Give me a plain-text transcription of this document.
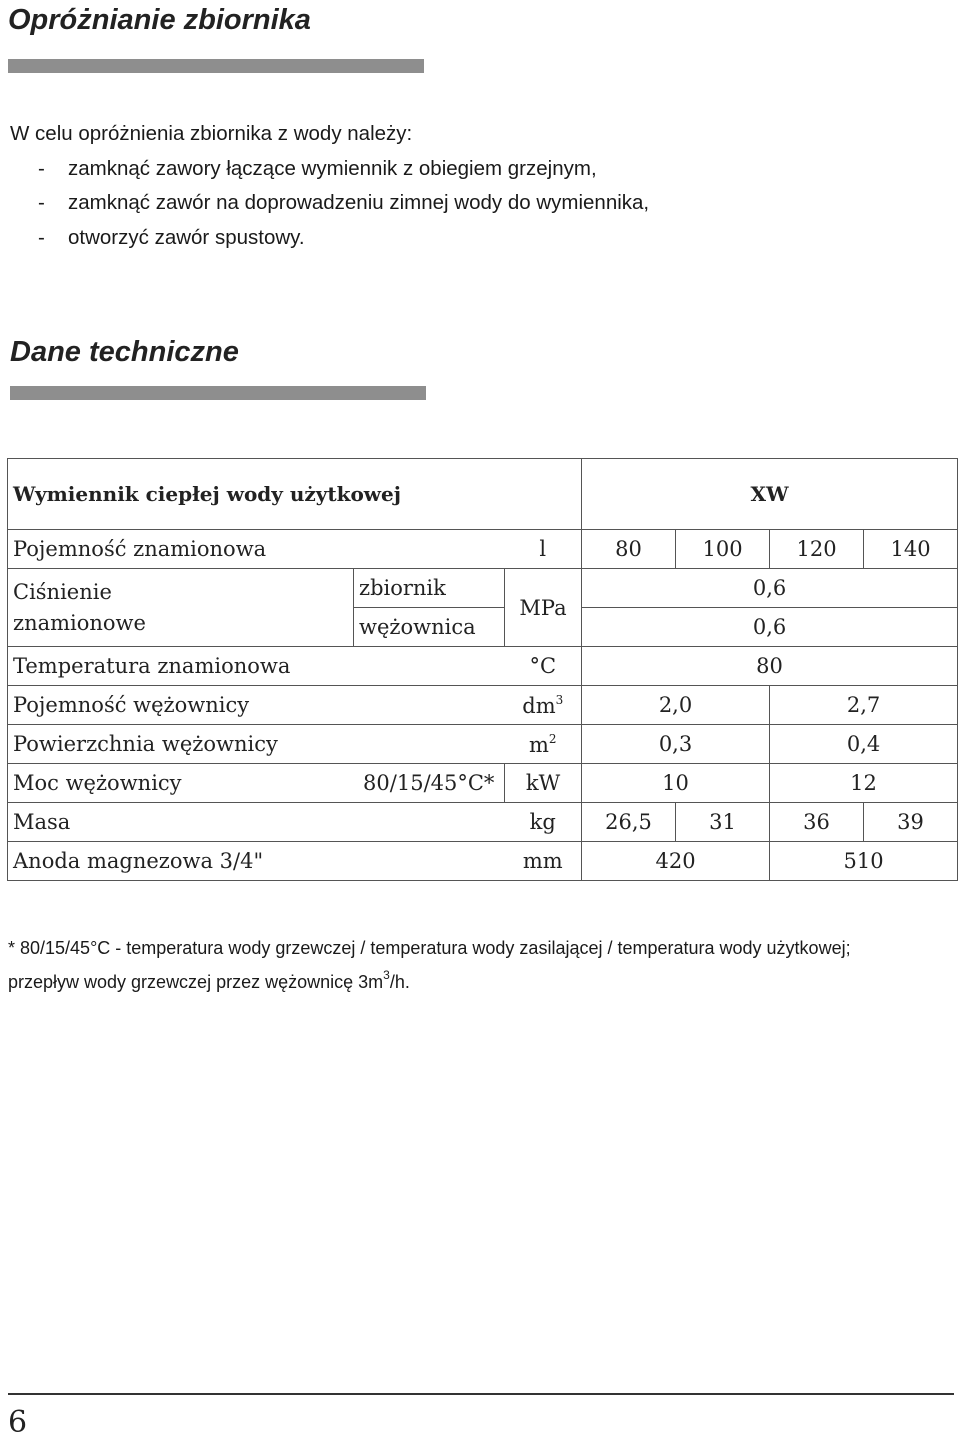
Opróżnianie zbiornika
W celu opróżnienia zbiornika z wody należy:
- zamknąć zawory łączące wymiennik z obiegiem grzejnym,
- zamknąć zawór na doprowadzeniu zimnej wody do wymiennika,
- otworzyć zawór spustowy.
Dane techniczne
Wymiennik ciepłej wody użytkowej			XW			
Pojemność znamionowa		l	80	100	120	140
Ciśnienie
znamionowe	zbiornik	MPa	0,6			
	wężownica		0,6			
Temperatura znamionowa		°C	80			
Pojemność wężownicy		$dm^3$	2,0		2,7	
Powierzchnia wężownicy		$m^2$	0,3		0,4	
Moc wężownicy	80/15/45°C*	kW	10		12	
Masa		kg	26,5	31	36	39
Anoda magnezowa 3/4"		mm	420		510	
* 80/15/45°C - temperatura wody grzewczej / temperatura wody zasilającej / temperatura wody użytkowej;
przepływ wody grzewczej przez wężownicę $3m^3/h$.
6
